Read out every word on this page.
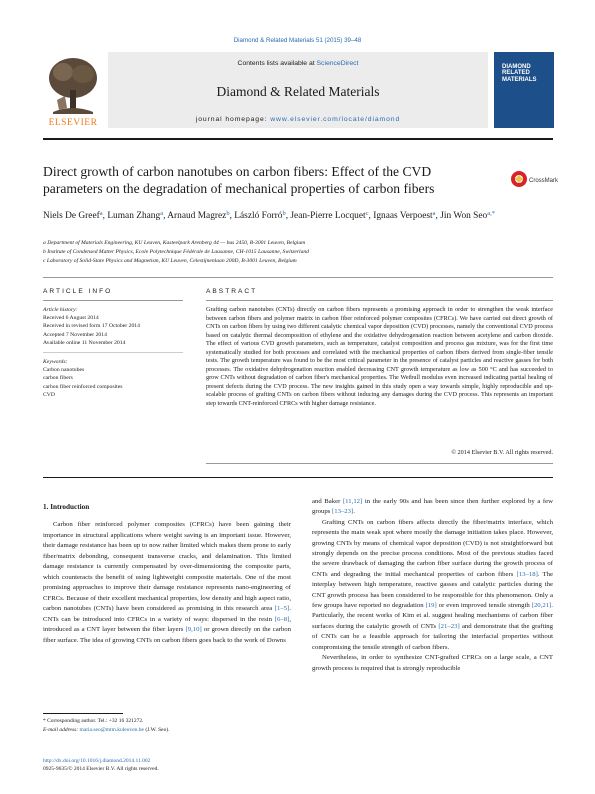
Diamond & Related Materials 51 (2015) 39–48
ELSEVIER
Contents lists available at ScienceDirect
Diamond & Related Materials
journal homepage: www.elsevier.com/locate/diamond
DIAMOND
RELATED
MATERIALS
Direct growth of carbon nanotubes on carbon fibers: Effect of the CVD parameters on the degradation of mechanical properties of carbon fibers	CrossMark
Niels De Greef$^a$, Luman Zhang$^a$, Arnaud Magrez$^b$, László Forró$^b$, Jean-Pierre Locquet$^c$, Ignaas Verpoest$^a$, Jin Won Seo$^{a,*}$
a Department of Materials Engineering, KU Leuven, Kasteelpark Arenberg 44 — bus 2450, B-3001 Leuven, Belgium
b Institute of Condensed Matter Physics, Ecole Polytechnique Fédérale de Lausanne, CH-1015 Lausanne, Switzerland
c Laboratory of Solid-State Physics and Magnetism, KU Leuven, Celestijnenlaan 200D, B-3001 Leuven, Belgium
ARTICLE INFO
Article history:
Received 6 August 2014
Received in revised form 17 October 2014
Accepted 7 November 2014
Available online 11 November 2014
Keywords:
Carbon nanotubes
carbon fibers
carbon fiber reinforced composites
CVD
ABSTRACT
Grafting carbon nanotubes (CNTs) directly on carbon fibers represents a promising approach in order to strengthen the weak interface between carbon fibers and polymer matrix in carbon fiber reinforced polymer composites (CFRCs). We have carried out direct growth of CNTs on carbon fibers by using two different catalytic chemical vapor deposition (CVD) processes, namely the conventional CVD process based on catalytic thermal decomposition of ethylene and the oxidative dehydrogenation reaction between acetylene and carbon dioxide. The effect of various CVD growth parameters, such as temperature, catalyst composition and process gas mixture, was for the first time systematically studied for both processes and correlated with the mechanical properties of carbon fibers derived from single-fiber tensile tests. The growth temperature was found to be the most critical parameter in the presence of catalyst particles and reactive gasses for both processes. The oxidative dehydrogenation reaction enabled decreasing CNT growth temperature as low as 500 °C and has succeeded to grow CNTs without degradation of carbon fiber's mechanical properties. The Weibull modulus even increased indicating partial healing of present defects during the CVD process. The new insights gained in this study open a way towards simple, highly reproducible and up-scalable process of grafting CNTs on carbon fibers without inducing any damages during the CVD process. This represents an important step towards CNT-reinforced CFRCs with higher damage resistance.
© 2014 Elsevier B.V. All rights reserved.
1. Introduction

Carbon fiber reinforced polymer composites (CFRCs) have been gaining their importance in structural applications where weight saving is an important issue. However, their damage resistance has been up to now rather limited which makes them prone to early fiber/matrix debonding, consequent transverse cracks, and delamination. This limited damage resistance is currently compensated by over-dimensioning the composite parts, which counteracts the benefit of using lightweight composite materials. One of the most promising approaches to improve their damage resistance represents nano-engineering of CFRCs. Because of their excellent mechanical properties, low density and high aspect ratio, carbon nanotubes (CNTs) have been considered as promising in this research area [1–5]. CNTs can be introduced into CFRCs in a variety of ways: dispersed in the resin [6–8], introduced as a CNT layer between the fiber layers [9,10] or grown directly on the carbon fiber surface. The idea of growing CNTs on carbon fibers goes back to the work of Downs

and Baker [11,12] in the early 90s and has been since then further explored by a few groups [13–23].

Grafting CNTs on carbon fibers affects directly the fiber/matrix interface, which represents the main weak spot where mostly the damage initiation takes place. However, growing CNTs by means of chemical vapor deposition (CVD) is not straightforward but strongly depends on the precise process conditions. Most of the previous studies faced the severe drawback of damaging the carbon fiber surface during the growth process of CNTs and degrading the initial mechanical properties of carbon fibers [13–18]. The interplay between high temperature, reactive gasses and catalytic particles during the CNT growth process has been considered to be responsible for this phenomenon. Only a few groups have reported no degradation [19] or even improved tensile strength [20,21]. Particularly, the recent works of Kim et al. suggest healing mechanisms of carbon fiber surfaces during the catalytic growth of CNTs [21–23] and demonstrate that the grafting of CNTs can be a feasible approach for tailoring the interfacial properties without compromising the tensile strength of carbon fibers.

Nevertheless, in order to synthesize CNT-grafted CFRCs on a large scale, a CNT growth process is required that is strongly reproducible

* Corresponding author. Tel.: +32 16 321272.
E-mail address: maria.seo@mtm.kuleuven.be (J.W. Seo).
http://dx.doi.org/10.1016/j.diamond.2014.11.002
0925-9635/© 2014 Elsevier B.V. All rights reserved.
